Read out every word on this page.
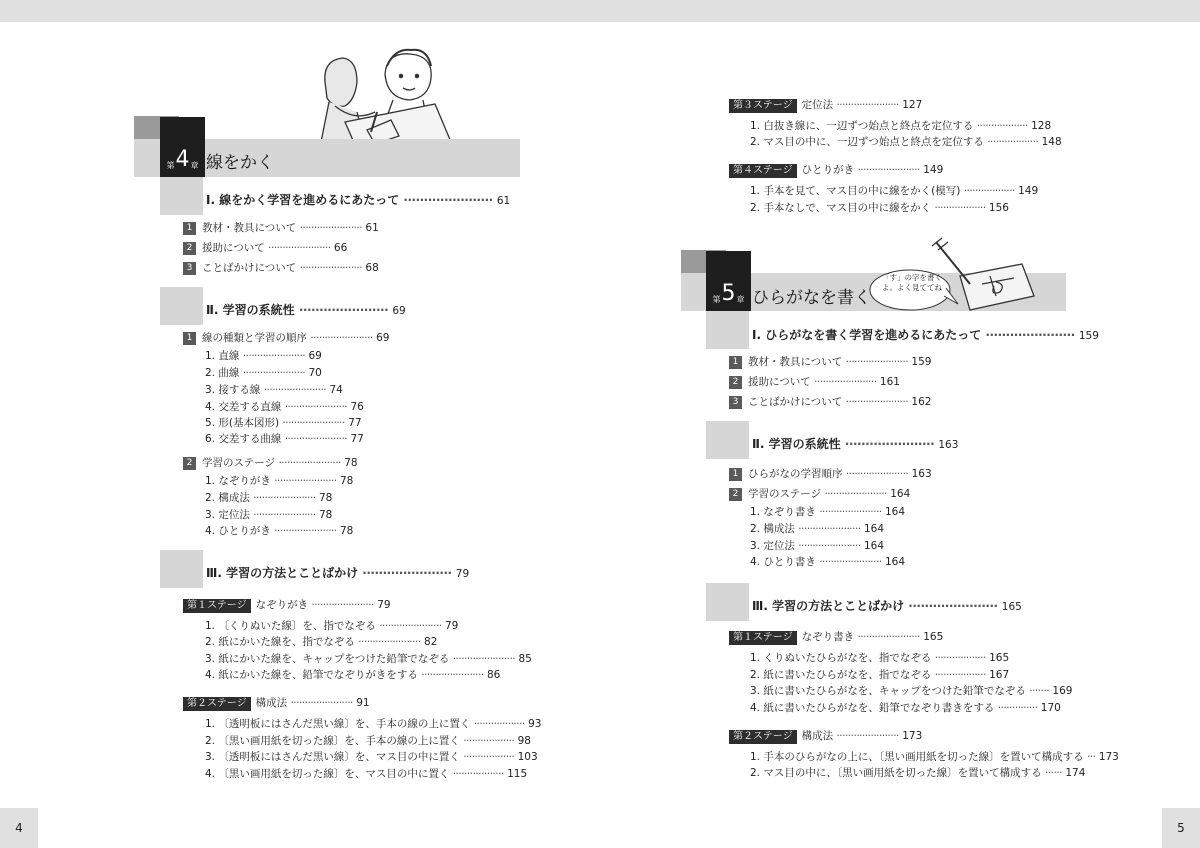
4	5
第 4 章 線をかく
Ⅰ. 線をかく学習を進めるにあたって ······················ 61
1 教材・教具について ······················ 61
2 援助について ······················ 66
3 ことばかけについて ······················ 68
Ⅱ. 学習の系統性 ······················ 69
1 線の種類と学習の順序 ······················ 69
1. 直線 ······················ 69
2. 曲線 ······················ 70
3. 接する線 ······················ 74
4. 交差する直線 ······················ 76
5. 形(基本図形) ······················ 77
6. 交差する曲線 ······················ 77
2 学習のステージ ······················ 78
1. なぞりがき ······················ 78
2. 構成法 ······················ 78
3. 定位法 ······················ 78
4. ひとりがき ······················ 78
Ⅲ. 学習の方法とことばかけ ······················ 79
第１ステージ なぞりがき ······················ 79
1. 〔くりぬいた線〕を、指でなぞる ······················ 79
2. 紙にかいた線を、指でなぞる ······················ 82
3. 紙にかいた線を、キャップをつけた鉛筆でなぞる ······················ 85
4. 紙にかいた線を、鉛筆でなぞりがきをする ······················ 86
第２ステージ 構成法 ······················ 91
1. 〔透明板にはさんだ黒い線〕を、手本の線の上に置く ·················· 93
2. 〔黒い画用紙を切った線〕を、手本の線の上に置く ·················· 98
3. 〔透明板にはさんだ黒い線〕を、マス目の中に置く ·················· 103
4. 〔黒い画用紙を切った線〕を、マス目の中に置く ·················· 115
第３ステージ 定位法 ······················ 127
1. 白抜き線に、一辺ずつ始点と終点を定位する ·················· 128
2. マス目の中に、一辺ずつ始点と終点を定位する ·················· 148
第４ステージ ひとりがき ······················ 149
1. 手本を見て、マス目の中に線をかく(模写) ·················· 149
2. 手本なしで、マス目の中に線をかく ·················· 156
第 5 章 ひらがなを書く
「す」の字を書くよ。よく見ててね
Ⅰ. ひらがなを書く学習を進めるにあたって ······················ 159
1 教材・教具について ······················ 159
2 援助について ······················ 161
3 ことばかけについて ······················ 162
Ⅱ. 学習の系統性 ······················ 163
1 ひらがなの学習順序 ······················ 163
2 学習のステージ ······················ 164
1. なぞり書き ······················ 164
2. 構成法 ······················ 164
3. 定位法 ······················ 164
4. ひとり書き ······················ 164
Ⅲ. 学習の方法とことばかけ ······················ 165
第１ステージ なぞり書き ······················ 165
1. くりぬいたひらがなを、指でなぞる ·················· 165
2. 紙に書いたひらがなを、指でなぞる ·················· 167
3. 紙に書いたひらがなを、キャップをつけた鉛筆でなぞる ······· 169
4. 紙に書いたひらがなを、鉛筆でなぞり書きをする ·············· 170
第２ステージ 構成法 ······················ 173
1. 手本のひらがなの上に、〔黒い画用紙を切った線〕を置いて構成する ··· 173
2. マス目の中に、〔黒い画用紙を切った線〕を置いて構成する ······ 174
